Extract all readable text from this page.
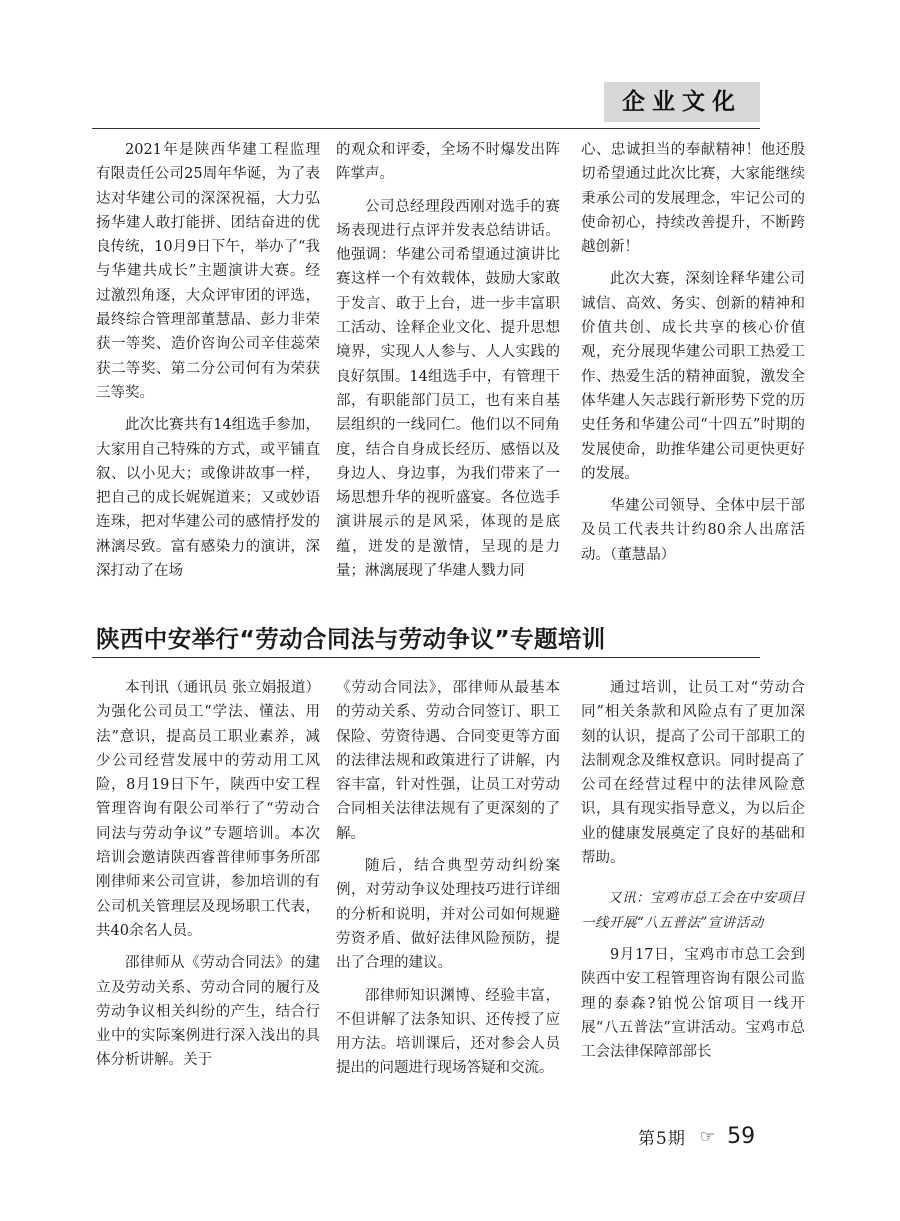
企业文化

2021年是陕西华建工程监理有限责任公司25周年华诞，为了表达对华建公司的深深祝福，大力弘扬华建人敢打能拼、团结奋进的优良传统，10月9日下午，举办了“我与华建共成长”主题演讲大赛。经过激烈角逐，大众评审团的评选，最终综合管理部董慧晶、彭力非荣获一等奖、造价咨询公司辛佳蕊荣获二等奖、第二分公司何有为荣获三等奖。

此次比赛共有14组选手参加，大家用自己特殊的方式，或平铺直叙、以小见大；或像讲故事一样，把自己的成长娓娓道来；又或妙语连珠，把对华建公司的感情抒发的淋漓尽致。富有感染力的演讲，深深打动了在场

的观众和评委，全场不时爆发出阵阵掌声。

公司总经理段西刚对选手的赛场表现进行点评并发表总结讲话。他强调：华建公司希望通过演讲比赛这样一个有效载体，鼓励大家敢于发言、敢于上台，进一步丰富职工活动、诠释企业文化、提升思想境界，实现人人参与、人人实践的良好氛围。14组选手中，有管理干部，有职能部门员工，也有来自基层组织的一线同仁。他们以不同角度，结合自身成长经历、感悟以及身边人、身边事，为我们带来了一场思想升华的视听盛宴。各位选手演讲展示的是风采，体现的是底蕴，迸发的是激情，呈现的是力量；淋漓展现了华建人戮力同

心、忠诚担当的奉献精神！他还殷切希望通过此次比赛，大家能继续秉承公司的发展理念，牢记公司的使命初心，持续改善提升，不断跨越创新！

此次大赛，深刻诠释华建公司诚信、高效、务实、创新的精神和价值共创、成长共享的核心价值观，充分展现华建公司职工热爱工作、热爱生活的精神面貌，激发全体华建人矢志践行新形势下党的历史任务和华建公司“十四五”时期的发展使命，助推华建公司更快更好的发展。

华建公司领导、全体中层干部及员工代表共计约80余人出席活动。（董慧晶）

陕西中安举行“劳动合同法与劳动争议”专题培训

本刊讯（通讯员 张立娟报道）为强化公司员工“学法、懂法、用法”意识，提高员工职业素养，减少公司经营发展中的劳动用工风险，8月19日下午，陕西中安工程管理咨询有限公司举行了“劳动合同法与劳动争议”专题培训。本次培训会邀请陕西睿普律师事务所邵刚律师来公司宣讲，参加培训的有公司机关管理层及现场职工代表，共40余名人员。

邵律师从《劳动合同法》的建立及劳动关系、劳动合同的履行及劳动争议相关纠纷的产生，结合行业中的实际案例进行深入浅出的具体分析讲解。关于

《劳动合同法》，邵律师从最基本的劳动关系、劳动合同签订、职工保险、劳资待遇、合同变更等方面的法律法规和政策进行了讲解，内容丰富，针对性强，让员工对劳动合同相关法律法规有了更深刻的了解。

随后，结合典型劳动纠纷案例，对劳动争议处理技巧进行详细的分析和说明，并对公司如何规避劳资矛盾、做好法律风险预防，提出了合理的建议。

邵律师知识渊博、经验丰富，不但讲解了法条知识、还传授了应用方法。培训课后，还对参会人员提出的问题进行现场答疑和交流。

通过培训，让员工对“劳动合同”相关条款和风险点有了更加深刻的认识，提高了公司干部职工的法制观念及维权意识。同时提高了公司在经营过程中的法律风险意识，具有现实指导意义，为以后企业的健康发展奠定了良好的基础和帮助。

又讯：宝鸡市总工会在中安项目一线开展“八五普法”宣讲活动

9月17日，宝鸡市市总工会到陕西中安工程管理咨询有限公司监理的泰森?铂悦公馆项目一线开展“八五普法”宣讲活动。宝鸡市总工会法律保障部部长

第5期 ☞ 59
